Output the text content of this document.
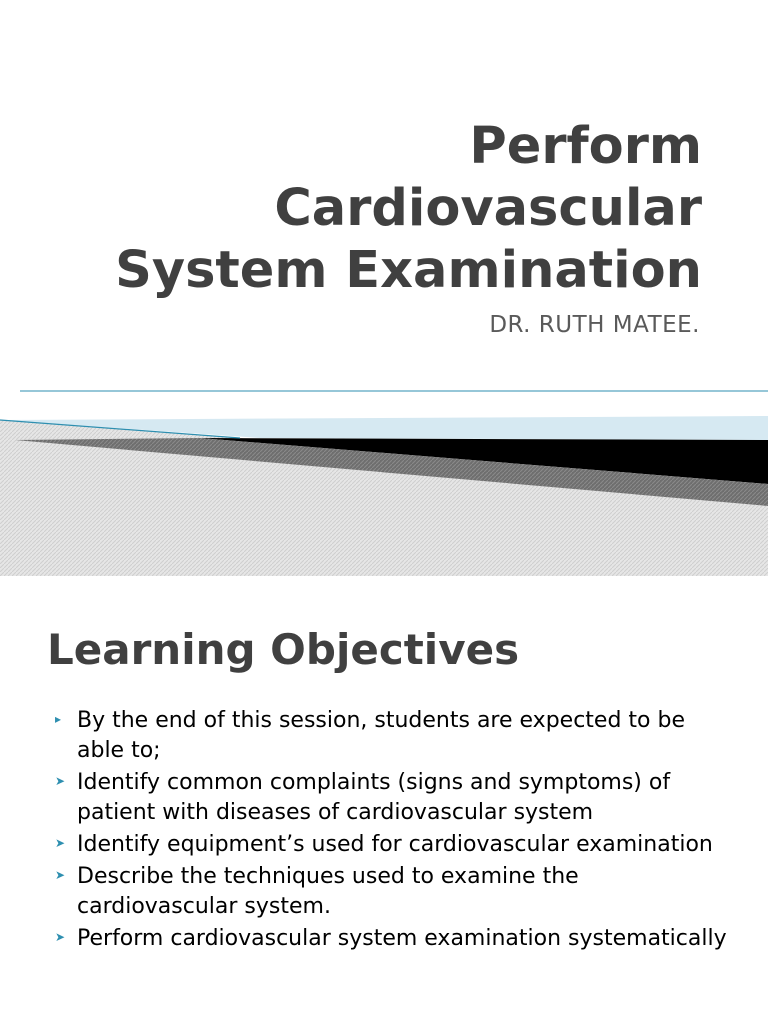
Perform
Cardiovascular
System Examination
DR. RUTH MATEE.
Learning Objectives
▸ By the end of this session, students are expected to be able to;
➤ Identify common complaints (signs and symptoms) of patient with diseases of cardiovascular system
➤ Identify equipment’s used for cardiovascular examination
➤ Describe the techniques used to examine the cardiovascular system.
➤ Perform cardiovascular system examination systematically
